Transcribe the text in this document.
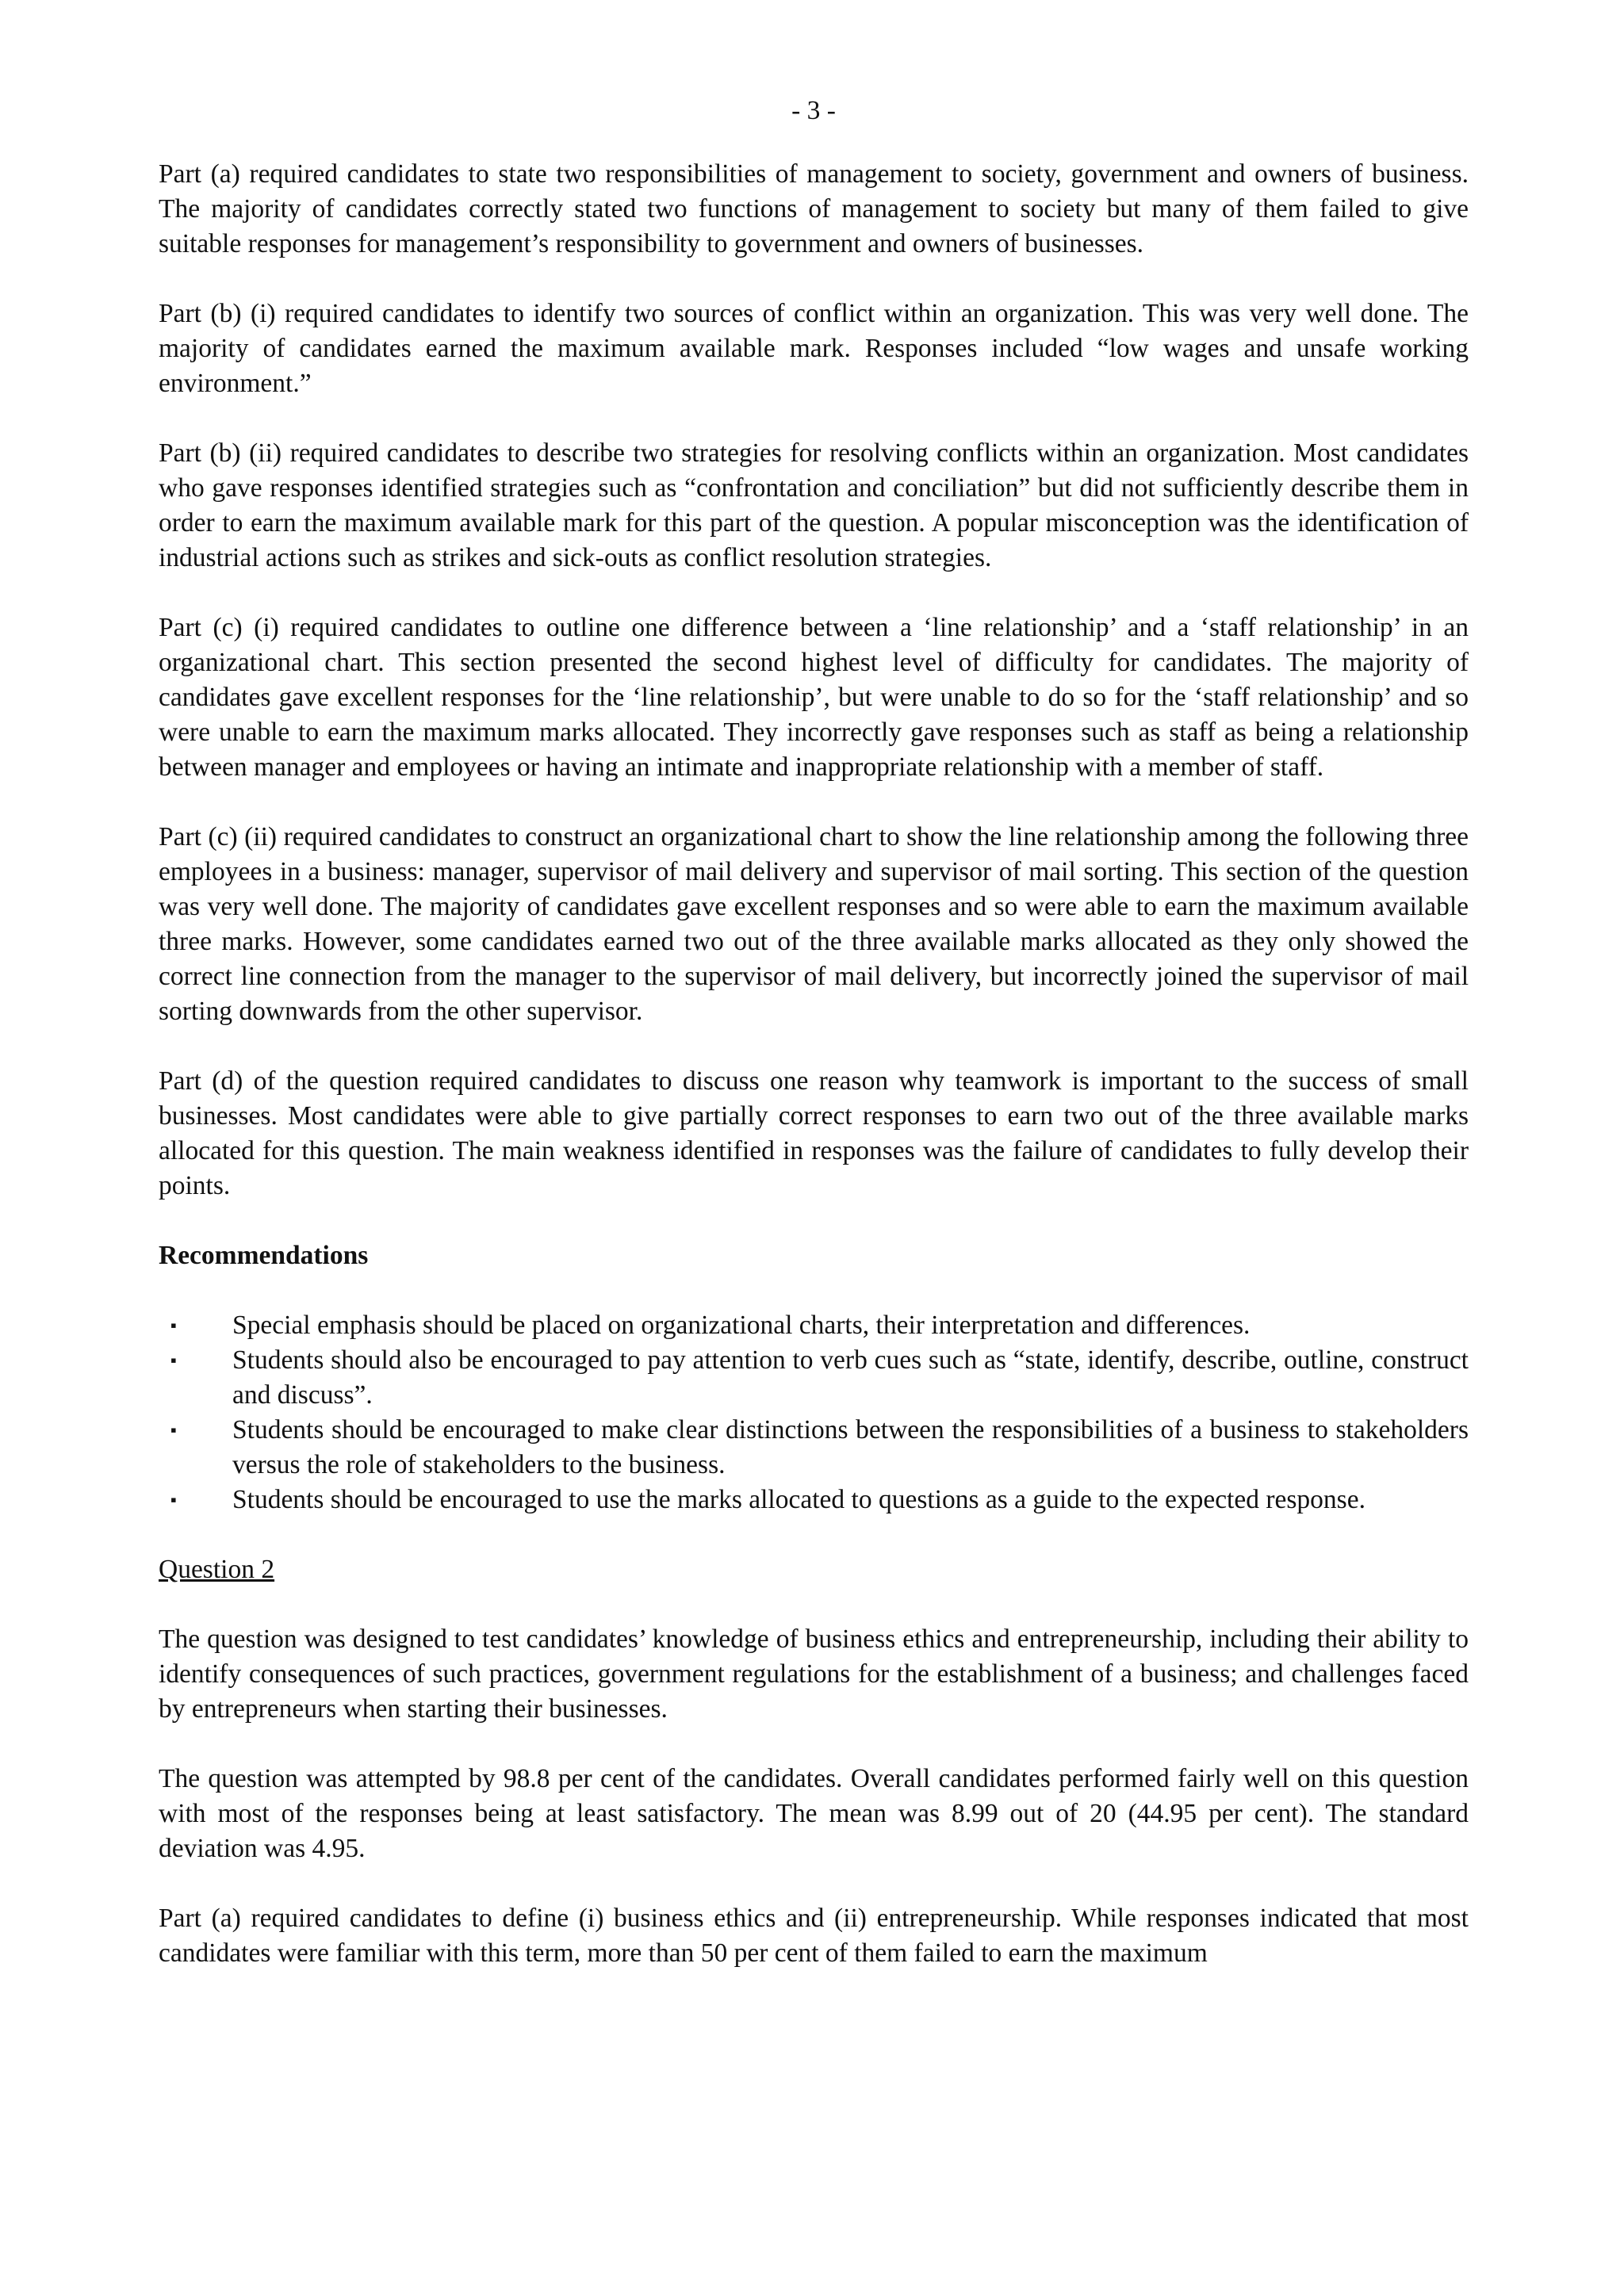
- 3 -

Part (a) required candidates to state two responsibilities of management to society, government and owners of business. The majority of candidates correctly stated two functions of management to society but many of them failed to give suitable responses for management’s responsibility to government and owners of businesses.

Part (b) (i) required candidates to identify two sources of conflict within an organization. This was very well done. The majority of candidates earned the maximum available mark. Responses included “low wages and unsafe working environment.”

Part (b) (ii) required candidates to describe two strategies for resolving conflicts within an organization. Most candidates who gave responses identified strategies such as “confrontation and conciliation” but did not sufficiently describe them in order to earn the maximum available mark for this part of the question. A popular misconception was the identification of industrial actions such as strikes and sick-outs as conflict resolution strategies.

Part (c) (i) required candidates to outline one difference between a ‘line relationship’ and a ‘staff relationship’ in an organizational chart. This section presented the second highest level of difficulty for candidates. The majority of candidates gave excellent responses for the ‘line relationship’, but were unable to do so for the ‘staff relationship’ and so were unable to earn the maximum marks allocated. They incorrectly gave responses such as staff as being a relationship between manager and employees or having an intimate and inappropriate relationship with a member of staff.

Part (c) (ii) required candidates to construct an organizational chart to show the line relationship among the following three employees in a business: manager, supervisor of mail delivery and supervisor of mail sorting. This section of the question was very well done. The majority of candidates gave excellent responses and so were able to earn the maximum available three marks. However, some candidates earned two out of the three available marks allocated as they only showed the correct line connection from the manager to the supervisor of mail delivery, but incorrectly joined the supervisor of mail sorting downwards from the other supervisor.

Part (d) of the question required candidates to discuss one reason why teamwork is important to the success of small businesses. Most candidates were able to give partially correct responses to earn two out of the three available marks allocated for this question. The main weakness identified in responses was the failure of candidates to fully develop their points.

Recommendations
▪ Special emphasis should be placed on organizational charts, their interpretation and differences.
▪ Students should also be encouraged to pay attention to verb cues such as “state, identify, describe, outline, construct and discuss”.
▪ Students should be encouraged to make clear distinctions between the responsibilities of a business to stakeholders versus the role of stakeholders to the business.
▪ Students should be encouraged to use the marks allocated to questions as a guide to the expected response.
Question 2

The question was designed to test candidates’ knowledge of business ethics and entrepreneurship, including their ability to identify consequences of such practices, government regulations for the establishment of a business; and challenges faced by entrepreneurs when starting their businesses.

The question was attempted by 98.8 per cent of the candidates. Overall candidates performed fairly well on this question with most of the responses being at least satisfactory. The mean was 8.99 out of 20 (44.95 per cent). The standard deviation was 4.95.

Part (a) required candidates to define (i) business ethics and (ii) entrepreneurship. While responses indicated that most candidates were familiar with this term, more than 50 per cent of them failed to earn the maximum
